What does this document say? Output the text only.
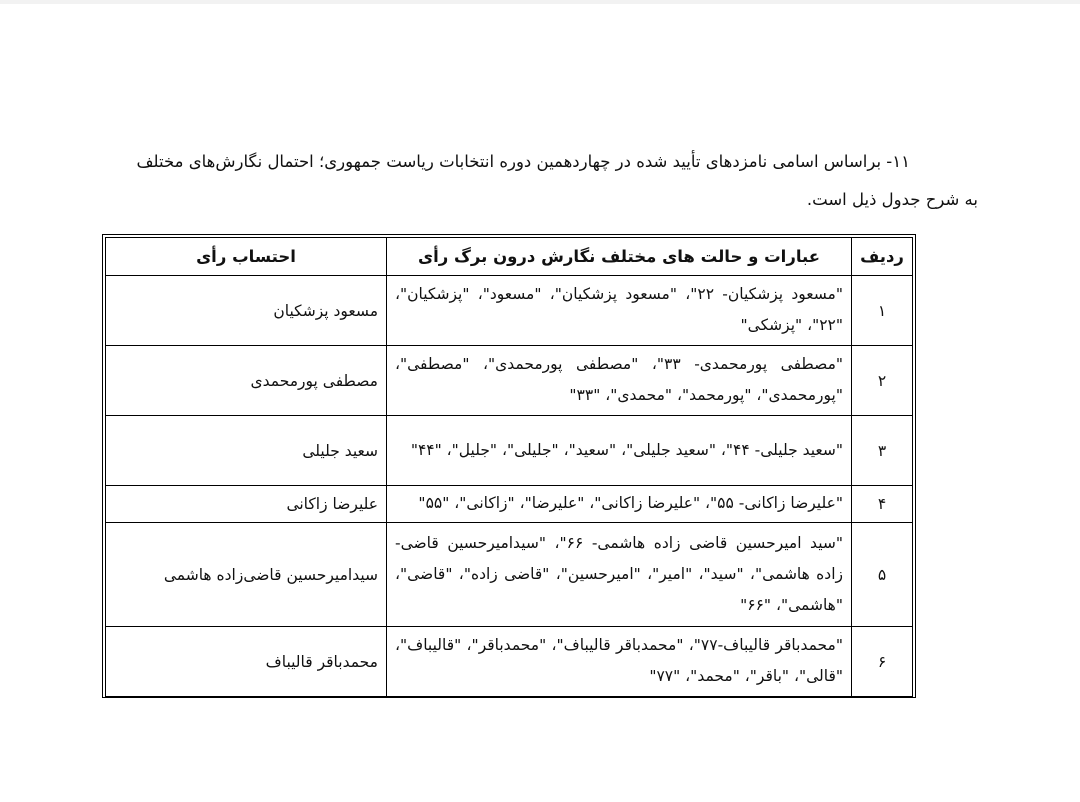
۱۱- براساس اسامی نامزدهای تأیید شده در چهاردهمین دوره انتخابات ریاست جمهوری؛ احتمال نگارش‌های مختلف
به شرح جدول ذیل است.
ردیف	عبارات و حالت های مختلف نگارش درون برگ رأی	احتساب رأی
۱	"مسعود پزشکیان- ۲۲"، "مسعود پزشکیان"، "مسعود"، "پزشکیان"، "۲۲"، "پزشکی"	مسعود پزشکیان
۲	"مصطفی پورمحمدی- ۳۳"، "مصطفی پورمحمدی"، "مصطفی"، "پورمحمدی"، "پورمحمد"، "محمدی"، "۳۳"	مصطفی پورمحمدی
۳	"سعید جلیلی- ۴۴"، "سعید جلیلی"، "سعید"، "جلیلی"، "جلیل"، "۴۴"	سعید جلیلی
۴	"علیرضا زاکانی- ۵۵"، "علیرضا زاکانی"، "علیرضا"، "زاکانی"، "۵۵"	علیرضا زاکانی
۵	"سید امیرحسین قاضی زاده هاشمی- ۶۶"، "سیدامیرحسین قاضی- زاده هاشمی"، "سید"، "امیر"، "امیرحسین"، "قاضی زاده"، "قاضی"، "هاشمی"، "۶۶"	سیدامیرحسین قاضی‌زاده هاشمی
۶	"محمدباقر قالیباف-۷۷"، "محمدباقر قالیباف"، "محمدباقر"، "قالیباف"، "قالی"، "باقر"، "محمد"، "۷۷"	محمدباقر قالیباف
